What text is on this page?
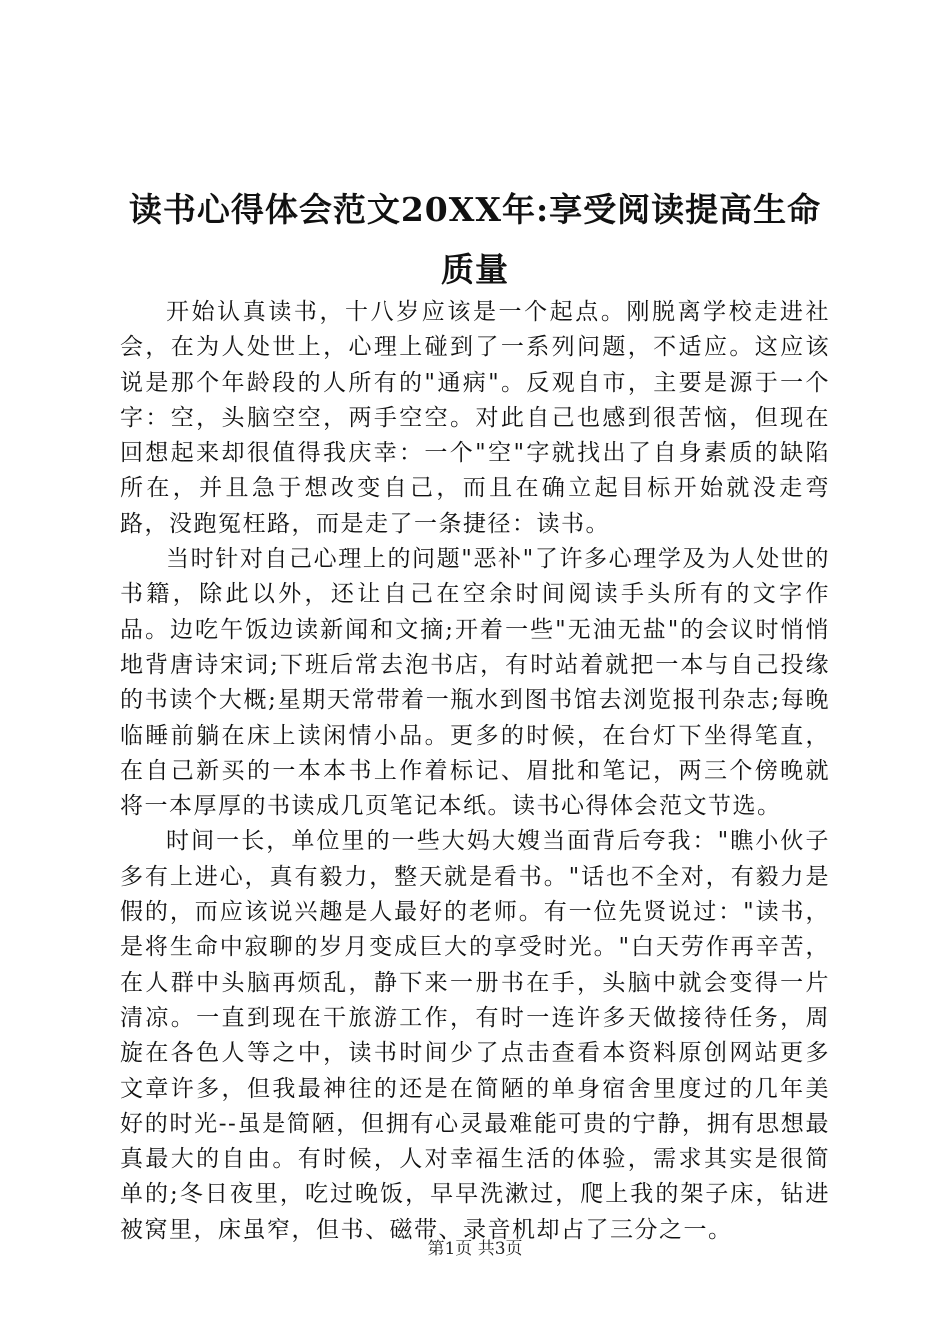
读书心得体会范文20XX年:享受阅读提高生命质量

开始认真读书，十八岁应该是一个起点。刚脱离学校走进社会，在为人处世上，心理上碰到了一系列问题，不适应。这应该说是那个年龄段的人所有的"通病"。反观自市，主要是源于一个字：空，头脑空空，两手空空。对此自己也感到很苦恼，但现在回想起来却很值得我庆幸：一个"空"字就找出了自身素质的缺陷所在，并且急于想改变自己，而且在确立起目标开始就没走弯路，没跑冤枉路，而是走了一条捷径：读书。

当时针对自己心理上的问题"恶补"了许多心理学及为人处世的书籍，除此以外，还让自己在空余时间阅读手头所有的文字作品。边吃午饭边读新闻和文摘;开着一些"无油无盐"的会议时悄悄地背唐诗宋词;下班后常去泡书店，有时站着就把一本与自己投缘的书读个大概;星期天常带着一瓶水到图书馆去浏览报刊杂志;每晚临睡前躺在床上读闲情小品。更多的时候，在台灯下坐得笔直，在自己新买的一本本书上作着标记、眉批和笔记，两三个傍晚就将一本厚厚的书读成几页笔记本纸。读书心得体会范文节选。

时间一长，单位里的一些大妈大嫂当面背后夸我："瞧小伙子多有上进心，真有毅力，整天就是看书。"话也不全对，有毅力是假的，而应该说兴趣是人最好的老师。有一位先贤说过："读书，是将生命中寂聊的岁月变成巨大的享受时光。"白天劳作再辛苦，在人群中头脑再烦乱，静下来一册书在手，头脑中就会变得一片清凉。一直到现在干旅游工作，有时一连许多天做接待任务，周旋在各色人等之中，读书时间少了点击查看本资料原创网站更多文章许多，但我最神往的还是在简陋的单身宿舍里度过的几年美好的时光--虽是简陋，但拥有心灵最难能可贵的宁静，拥有思想最真最大的自由。有时候，人对幸福生活的体验，需求其实是很简单的;冬日夜里，吃过晚饭，早早洗漱过，爬上我的架子床，钻进被窝里，床虽窄，但书、磁带、录音机却占了三分之一。

第1页 共3页
